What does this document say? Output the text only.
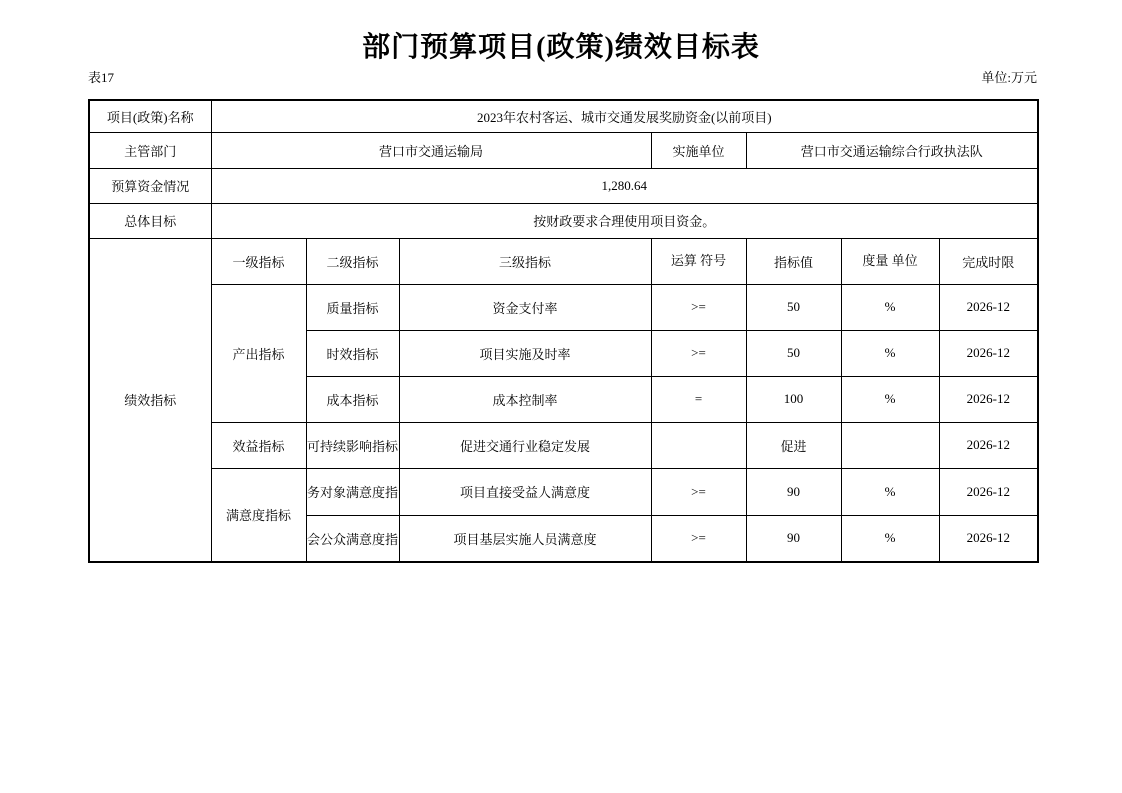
部门预算项目(政策)绩效目标表
表17	单位:万元
项目(政策)名称	2023年农村客运、城市交通发展奖励资金(以前项目)						
主管部门	营口市交通运输局			实施单位	营口市交通运输综合行政执法队		
预算资金情况	1,280.64						
总体目标	按财政要求合理使用项目资金。						
绩效指标	一级指标	二级指标	三级指标	运算 符号	指标值	度量 单位	完成时限
	产出指标	质量指标	资金支付率	>=	50	%	2026-12
		时效指标	项目实施及时率	>=	50	%	2026-12
		成本指标	成本控制率	=	100	%	2026-12
	效益指标	可持续影响指标	促进交通行业稳定发展		促进		2026-12
	满意度指标	务对象满意度指	项目直接受益人满意度	>=	90	%	2026-12
		会公众满意度指	项目基层实施人员满意度	>=	90	%	2026-12
